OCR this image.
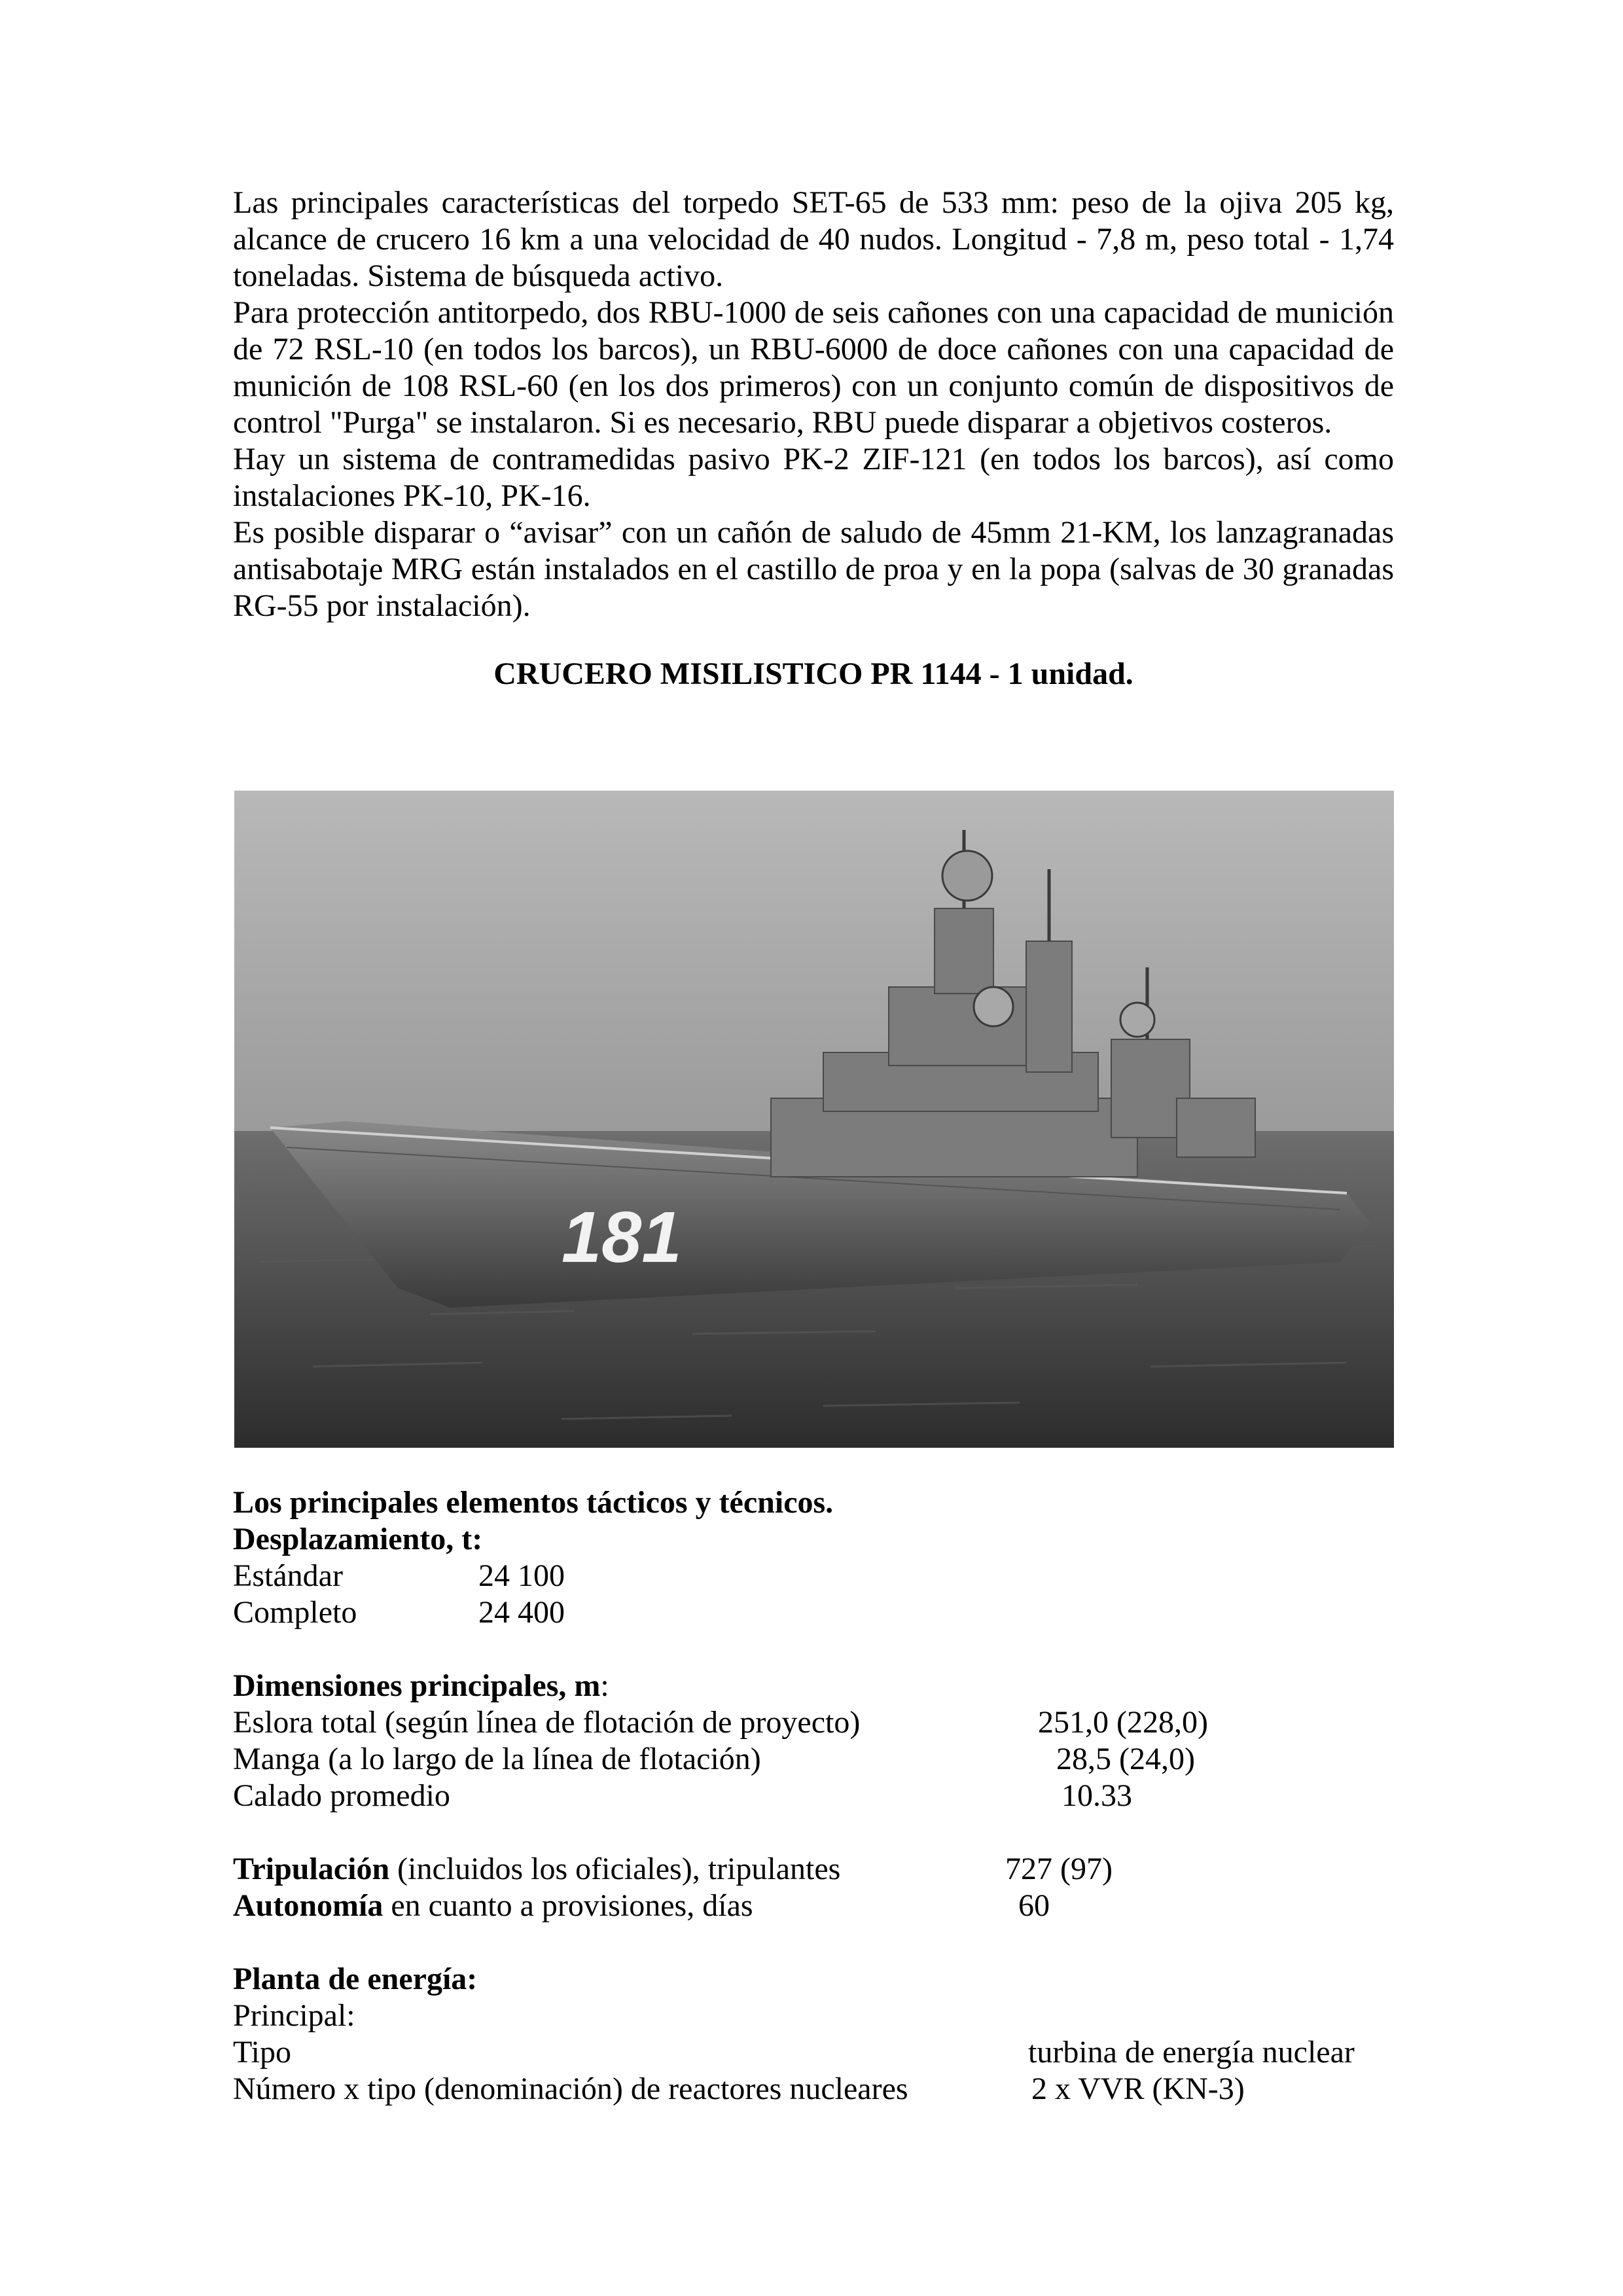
Las principales características del torpedo SET-65 de 533 mm: peso de la ojiva 205 kg, alcance de crucero 16 km a una velocidad de 40 nudos. Longitud - 7,8 m, peso total - 1,74 toneladas. Sistema de búsqueda activo.

Para protección antitorpedo, dos RBU-1000 de seis cañones con una capacidad de munición de 72 RSL-10 (en todos los barcos), un RBU-6000 de doce cañones con una capacidad de munición de 108 RSL-60 (en los dos primeros) con un conjunto común de dispositivos de control "Purga" se instalaron. Si es necesario, RBU puede disparar a objetivos costeros.

Hay un sistema de contramedidas pasivo PK-2 ZIF-121 (en todos los barcos), así como instalaciones PK-10, PK-16.

Es posible disparar o “avisar” con un cañón de saludo de 45mm 21-KM, los lanzagranadas antisabotaje MRG están instalados en el castillo de proa y en la popa (salvas de 30 granadas RG-55 por instalación).

CRUCERO MISILISTICO PR 1144 - 1 unidad.

181
Los principales elementos tácticos y técnicos.
Desplazamiento, t:
Estándar	24 100
Completo	24 400
Dimensiones principales, m:
Eslora total (según línea de flotación de proyecto)	251,0 (228,0)
Manga (a lo largo de la línea de flotación)	28,5 (24,0)
Calado promedio	10.33
Tripulación (incluidos los oficiales), tripulantes	727 (97)
Autonomía en cuanto a provisiones, días	60
Planta de energía:
Principal:
Tipo	turbina de energía nuclear
Número x tipo (denominación) de reactores nucleares	2 x VVR (KN-3)
